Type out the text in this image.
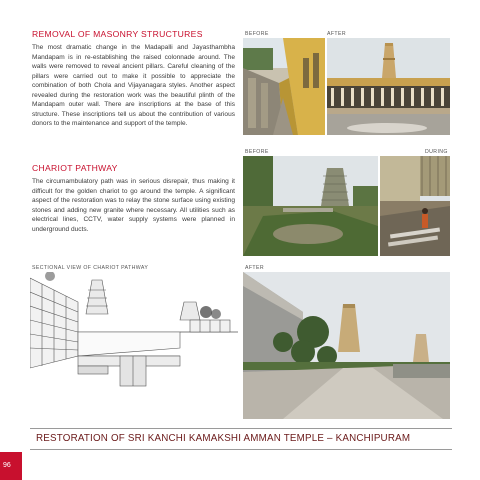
REMOVAL OF MASONRY STRUCTURES
The most dramatic change in the Madapalli and Jayasthambha Mandapam is in re-establishing the raised colonnade around. The walls were removed to reveal ancient pillars. Careful cleaning of the pillars were carried out to make it possible to appreciate the combination of both Chola and Vijayanagara styles. Another aspect revealed during the restoration work was the beautiful plinth of the Mandapam outer wall. There are inscriptions at the base of this structure. These inscriptions tell us about the contribution of various donors to the maintenance and support of the temple.
CHARIOT PATHWAY
The circumambulatory path was in serious disrepair, thus making it difficult for the golden chariot to go around the temple. A significant aspect of the restoration was to relay the stone surface using existing stones and adding new granite where necessary. All utilities such as electrical lines, CCTV, water supply systems were planned in underground ducts.
BEFORE	AFTER
BEFORE	DURING
SECTIONAL VIEW OF CHARIOT PATHWAY	AFTER
RESTORATION OF SRI KANCHI KAMAKSHI AMMAN TEMPLE – KANCHIPURAM
96
